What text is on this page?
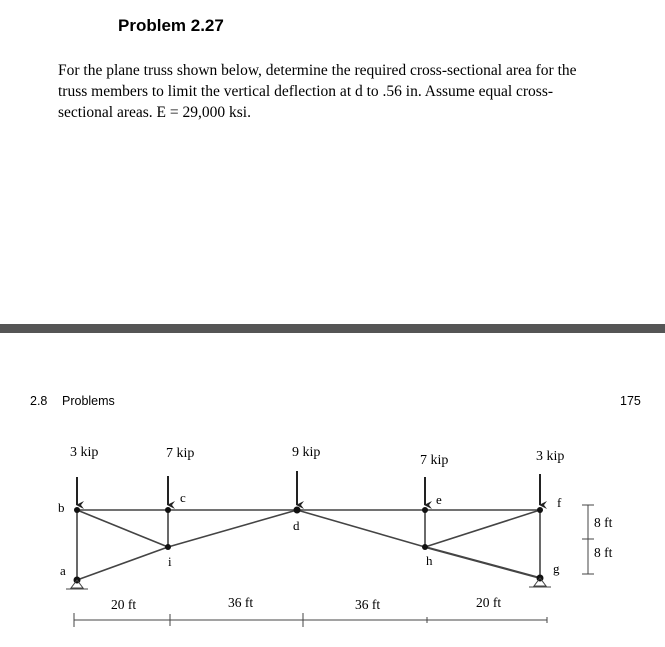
Problem 2.27
For the plane truss shown below, determine the required cross-sectional area for the
truss members to limit the vertical deflection at d to .56 in. Assume equal cross-
sectional areas. E = 29,000 ksi.
2.8 Problems	175
3 kip	7 kip	9 kip
7 kip	3 kip
a
b
c
d
e	f
g
h
i
20 ft	36 ft	36 ft	20 ft
8 ft
8 ft
